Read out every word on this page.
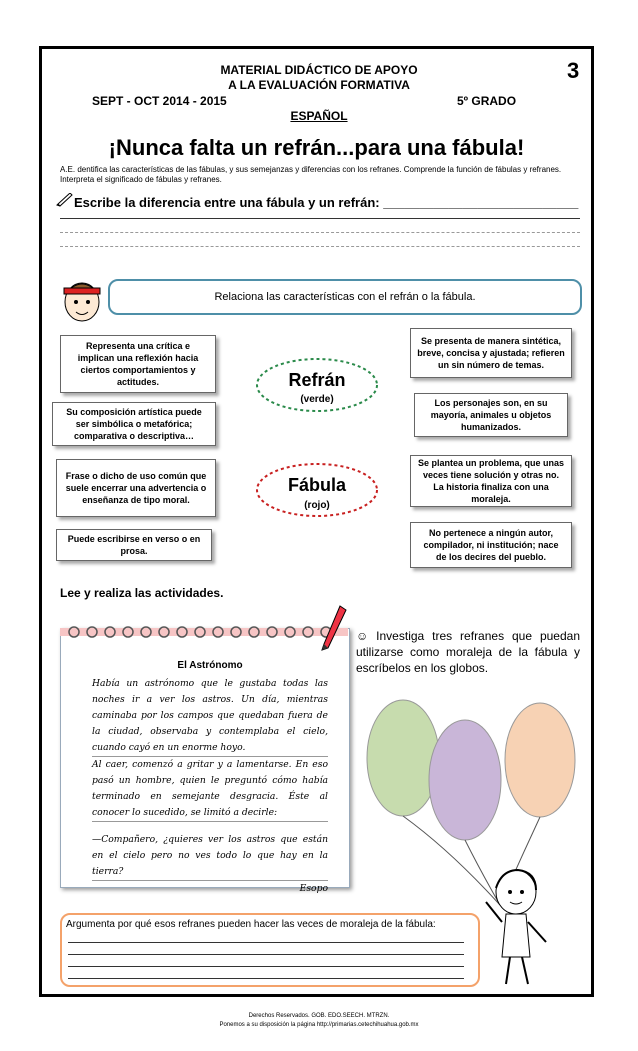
MATERIAL DIDÁCTICO DE APOYO
A LA EVALUACIÓN FORMATIVA
SEPT - OCT 2014 - 2015	5º GRADO
ESPAÑOL
3
¡Nunca falta un refrán...para una fábula!
A.E. dentifica las características de las fábulas, y sus semejanzas y diferencias con los refranes. Comprende la función de fábulas y refranes. Interpreta el significado de fábulas y refranes.
Escribe la diferencia entre una fábula y un refrán: ___________________________
Relaciona las características con el refrán o la fábula.
Representa una crítica e implican una reflexión hacia ciertos comportamientos y actitudes.
Su composición artística puede ser simbólica o metafórica; comparativa o descriptiva…
Frase o dicho de uso común que suele encerrar una advertencia o enseñanza de tipo moral.
Puede escribirse en verso o en prosa.
Se presenta de manera sintética, breve, concisa y ajustada; refieren un sin número de temas.
Los personajes son, en su mayoría, animales u objetos humanizados.
Se plantea un problema, que unas veces tiene solución y otras no. La historia finaliza con una moraleja.
No pertenece a ningún autor, compilador, ni institución; nace de los decires del pueblo.
Refrán
(verde)
Fábula
(rojo)
Lee y realiza las actividades.
El Astrónomo

Había un astrónomo que le gustaba todas las noches ir a ver los astros. Un día, mientras caminaba por los campos que quedaban fuera de la ciudad, observaba y contemplaba el cielo, cuando cayó en un enorme hoyo.

Al caer, comenzó a gritar y a lamentarse. En eso pasó un hombre, quien le preguntó cómo había terminado en semejante desgracia. Éste al conocer lo sucedido, se limitó a decirle:

—Compañero, ¿quieres ver los astros que están en el cielo pero no ves todo lo que hay en la tierra?

Esopo

☺ Investiga tres refranes que puedan utilizarse como moraleja de la fábula y escríbelos en los globos.
Argumenta por qué esos refranes pueden hacer las veces de moraleja de la fábula:
Derechos Reservados. GOB. EDO.SEECH. MTRZN.
Ponemos a su disposición la página http://primarias.cetechihuahua.gob.mx
